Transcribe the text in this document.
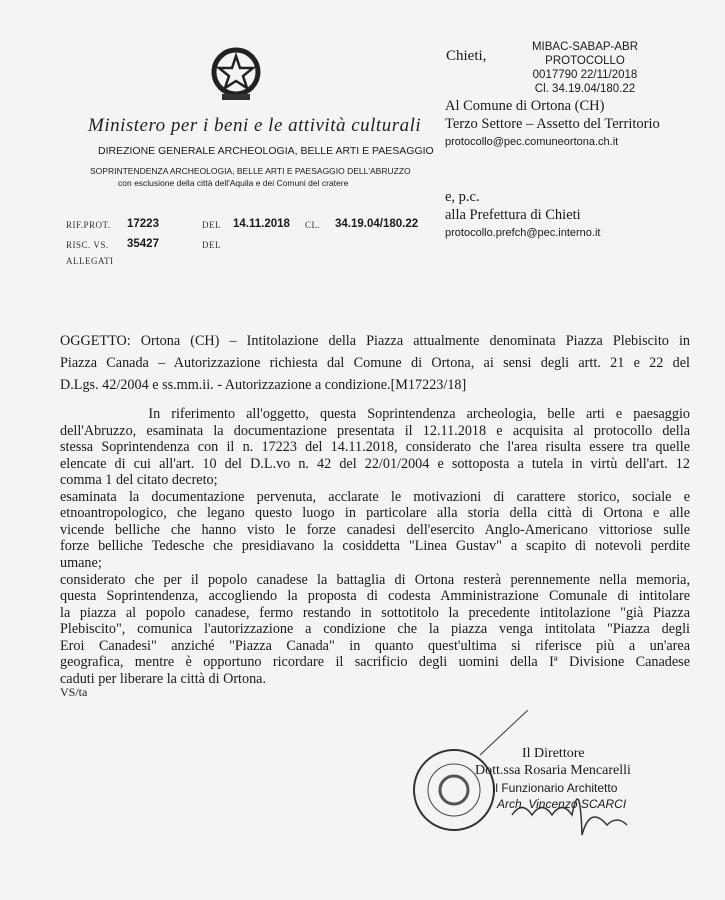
Ministero per i beni e le attività culturali
DIREZIONE GENERALE ARCHEOLOGIA, BELLE ARTI E PAESAGGIO
SOPRINTENDENZA ARCHEOLOGIA, BELLE ARTI E PAESAGGIO DELL'ABRUZZO
con esclusione della città dell'Aquila e dei Comuni del cratere
RIF.PROT. 17223	DEL 14.11.2018 CL. 34.19.04/180.22
RISC. VS. 35427	DEL
ALLEGATI
Chieti,
MIBAC-SABAP-ABR
PROTOCOLLO
0017790 22/11/2018
Cl. 34.19.04/180.22
Al Comune di Ortona (CH)
Terzo Settore – Assetto del Territorio
protocollo@pec.comuneortona.ch.it
e, p.c.
alla Prefettura di Chieti
protocollo.prefch@pec.interno.it
OGGETTO: Ortona (CH) – Intitolazione della Piazza attualmente denominata Piazza Plebiscito in
Piazza Canada – Autorizzazione richiesta dal Comune di Ortona, ai sensi degli artt. 21 e 22 del
D.Lgs. 42/2004 e ss.mm.ii. - Autorizzazione a condizione.[M17223/18]
In riferimento all'oggetto, questa Soprintendenza archeologia, belle arti e paesaggio
dell'Abruzzo, esaminata la documentazione presentata il 12.11.2018 e acquisita al protocollo della
stessa Soprintendenza con il n. 17223 del 14.11.2018, considerato che l'area risulta essere tra quelle
elencate di cui all'art. 10 del D.L.vo n. 42 del 22/01/2004 e sottoposta a tutela in virtù dell'art. 12
comma 1 del citato decreto;
esaminata la documentazione pervenuta, acclarate le motivazioni di carattere storico, sociale e
etnoantropologico, che legano questo luogo in particolare alla storia della città di Ortona e alle
vicende belliche che hanno visto le forze canadesi dell'esercito Anglo-Americano vittoriose sulle
forze belliche Tedesche che presidiavano la cosiddetta "Linea Gustav" a scapito di notevoli perdite
umane;
considerato che per il popolo canadese la battaglia di Ortona resterà perennemente nella memoria,
questa Soprintendenza, accogliendo la proposta di codesta Amministrazione Comunale di intitolare
la piazza al popolo canadese, fermo restando in sottotitolo la precedente intitolazione "già Piazza
Plebiscito", comunica l'autorizzazione a condizione che la piazza venga intitolata "Piazza degli
Eroi Canadesi" anziché "Piazza Canada" in quanto quest'ultima si riferisce più a un'area
geografica, mentre è opportuno ricordare il sacrificio degli uomini della Iª Divisione Canadese
caduti per liberare la città di Ortona.
VS/ta
Il Direttore
Dott.ssa Rosaria Mencarelli
Il Funzionario Architetto
Arch. Vincenzo SCARCI
